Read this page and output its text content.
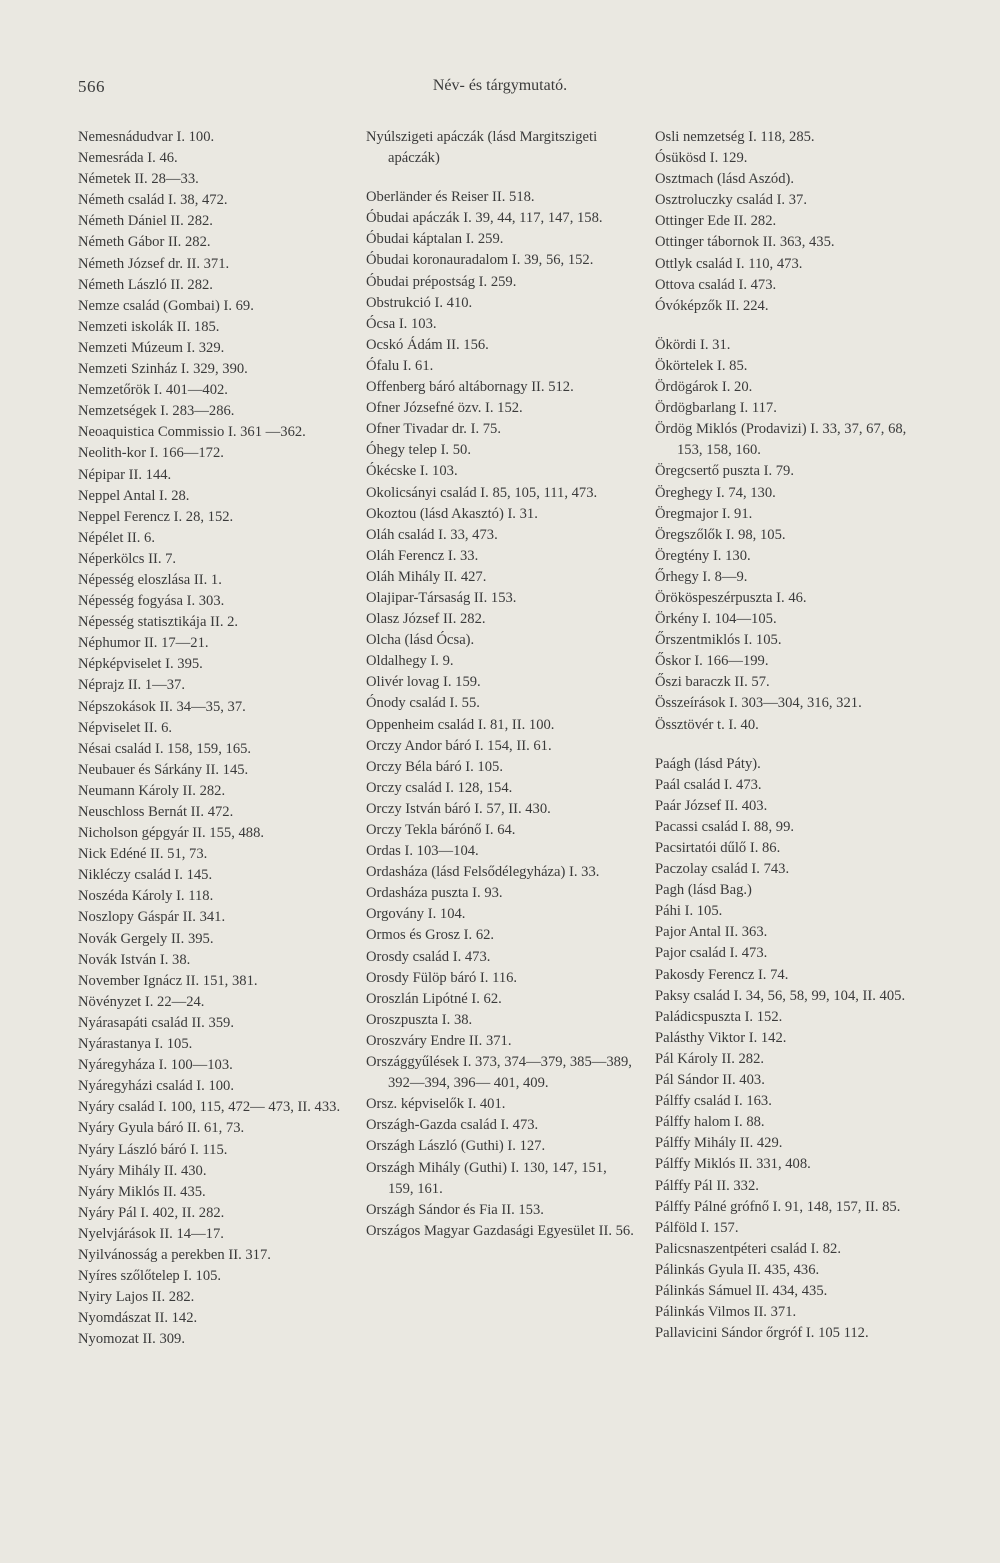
566	Név- és tárgymutató.

Nemesnádudvar I. 100.

Nemesráda I. 46.

Németek II. 28—33.

Németh család I. 38, 472.

Németh Dániel II. 282.

Németh Gábor II. 282.

Németh József dr. II. 371.

Németh László II. 282.

Nemze család (Gombai) I. 69.

Nemzeti iskolák II. 185.

Nemzeti Múzeum I. 329.

Nemzeti Szinház I. 329, 390.

Nemzetőrök I. 401—402.

Nemzetségek I. 283—286.

Neoaquistica Commissio I. 361 —362.

Neolith-kor I. 166—172.

Népipar II. 144.

Neppel Antal I. 28.

Neppel Ferencz I. 28, 152.

Népélet II. 6.

Néperkölcs II. 7.

Népesség eloszlása II. 1.

Népesség fogyása I. 303.

Népesség statisztikája II. 2.

Néphumor II. 17—21.

Népképviselet I. 395.

Néprajz II. 1—37.

Népszokások II. 34—35, 37.

Népviselet II. 6.

Nésai család I. 158, 159, 165.

Neubauer és Sárkány II. 145.

Neumann Károly II. 282.

Neuschloss Bernát II. 472.

Nicholson gépgyár II. 155, 488.

Nick Edéné II. 51, 73.

Nikléczy család I. 145.

Noszéda Károly I. 118.

Noszlopy Gáspár II. 341.

Novák Gergely II. 395.

Novák István I. 38.

November Ignácz II. 151, 381.

Növényzet I. 22—24.

Nyárasapáti család II. 359.

Nyárastanya I. 105.

Nyáregyháza I. 100—103.

Nyáregyházi család I. 100.

Nyáry család I. 100, 115, 472— 473, II. 433.

Nyáry Gyula báró II. 61, 73.

Nyáry László báró I. 115.

Nyáry Mihály II. 430.

Nyáry Miklós II. 435.

Nyáry Pál I. 402, II. 282.

Nyelvjárások II. 14—17.

Nyilvánosság a perekben II. 317.

Nyíres szőlőtelep I. 105.

Nyiry Lajos II. 282.

Nyomdászat II. 142.

Nyomozat II. 309.

Nyúlszigeti apáczák (lásd Margitszigeti apáczák)

Oberländer és Reiser II. 518.

Óbudai apáczák I. 39, 44, 117, 147, 158.

Óbudai káptalan I. 259.

Óbudai koronauradalom I. 39, 56, 152.

Óbudai prépostság I. 259.

Obstrukció I. 410.

Ócsa I. 103.

Ocskó Ádám II. 156.

Ófalu I. 61.

Offenberg báró altábornagy II. 512.

Ofner Józsefné özv. I. 152.

Ofner Tivadar dr. I. 75.

Óhegy telep I. 50.

Ókécske I. 103.

Okolicsányi család I. 85, 105, 111, 473.

Okoztou (lásd Akasztó) I. 31.

Oláh család I. 33, 473.

Oláh Ferencz I. 33.

Oláh Mihály II. 427.

Olajipar-Társaság II. 153.

Olasz József II. 282.

Olcha (lásd Ócsa).

Oldalhegy I. 9.

Olivér lovag I. 159.

Ónody család I. 55.

Oppenheim család I. 81, II. 100.

Orczy Andor báró I. 154, II. 61.

Orczy Béla báró I. 105.

Orczy család I. 128, 154.

Orczy István báró I. 57, II. 430.

Orczy Tekla bárónő I. 64.

Ordas I. 103—104.

Ordasháza (lásd Felsődélegyháza) I. 33.

Ordasháza puszta I. 93.

Orgovány I. 104.

Ormos és Grosz I. 62.

Orosdy család I. 473.

Orosdy Fülöp báró I. 116.

Oroszlán Lipótné I. 62.

Oroszpuszta I. 38.

Oroszváry Endre II. 371.

Országgyűlések I. 373, 374—379, 385—389, 392—394, 396— 401, 409.

Orsz. képviselők I. 401.

Országh-Gazda család I. 473.

Országh László (Guthi) I. 127.

Országh Mihály (Guthi) I. 130, 147, 151, 159, 161.

Országh Sándor és Fia II. 153.

Országos Magyar Gazdasági Egyesület II. 56.

Osli nemzetség I. 118, 285.

Ósükösd I. 129.

Osztmach (lásd Aszód).

Osztroluczky család I. 37.

Ottinger Ede II. 282.

Ottinger tábornok II. 363, 435.

Ottlyk család I. 110, 473.

Ottova család I. 473.

Óvóképzők II. 224.

Ökördi I. 31.

Ökörtelek I. 85.

Ördögárok I. 20.

Ördögbarlang I. 117.

Ördög Miklós (Prodavizi) I. 33, 37, 67, 68, 153, 158, 160.

Öregcsertő puszta I. 79.

Öreghegy I. 74, 130.

Öregmajor I. 91.

Öregszőlők I. 98, 105.

Öregtény I. 130.

Őrhegy I. 8—9.

Örököspeszérpuszta I. 46.

Örkény I. 104—105.

Őrszentmiklós I. 105.

Őskor I. 166—199.

Őszi baraczk II. 57.

Összeírások I. 303—304, 316, 321.

Össztövér t. I. 40.

Paágh (lásd Páty).

Paál család I. 473.

Paár József II. 403.

Pacassi család I. 88, 99.

Pacsirtatói dűlő I. 86.

Paczolay család I. 743.

Pagh (lásd Bag.)

Páhi I. 105.

Pajor Antal II. 363.

Pajor család I. 473.

Pakosdy Ferencz I. 74.

Paksy család I. 34, 56, 58, 99, 104, II. 405.

Paládicspuszta I. 152.

Palásthy Viktor I. 142.

Pál Károly II. 282.

Pál Sándor II. 403.

Pálffy család I. 163.

Pálffy halom I. 88.

Pálffy Mihály II. 429.

Pálffy Miklós II. 331, 408.

Pálffy Pál II. 332.

Pálffy Pálné grófnő I. 91, 148, 157, II. 85.

Pálföld I. 157.

Palicsnaszentpéteri család I. 82.

Pálinkás Gyula II. 435, 436.

Pálinkás Sámuel II. 434, 435.

Pálinkás Vilmos II. 371.

Pallavicini Sándor őrgróf I. 105 112.
